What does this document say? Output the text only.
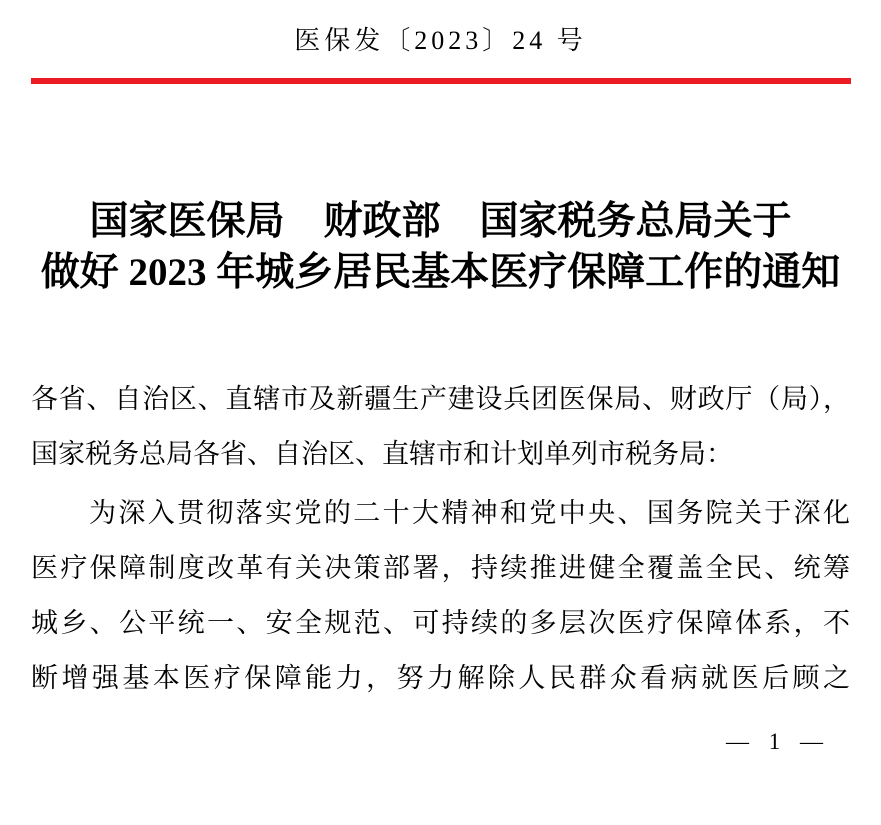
医保发〔2023〕24 号
国家医保局　财政部　国家税务总局关于
做好 2023 年城乡居民基本医疗保障工作的通知
各省、自治区、直辖市及新疆生产建设兵团医保局、财政厅（局），
国家税务总局各省、自治区、直辖市和计划单列市税务局：
为深入贯彻落实党的二十大精神和党中央、国务院关于深化
医疗保障制度改革有关决策部署，持续推进健全覆盖全民、统筹
城乡、公平统一、安全规范、可持续的多层次医疗保障体系，不
断增强基本医疗保障能力，努力解除人民群众看病就医后顾之
— 1 —
